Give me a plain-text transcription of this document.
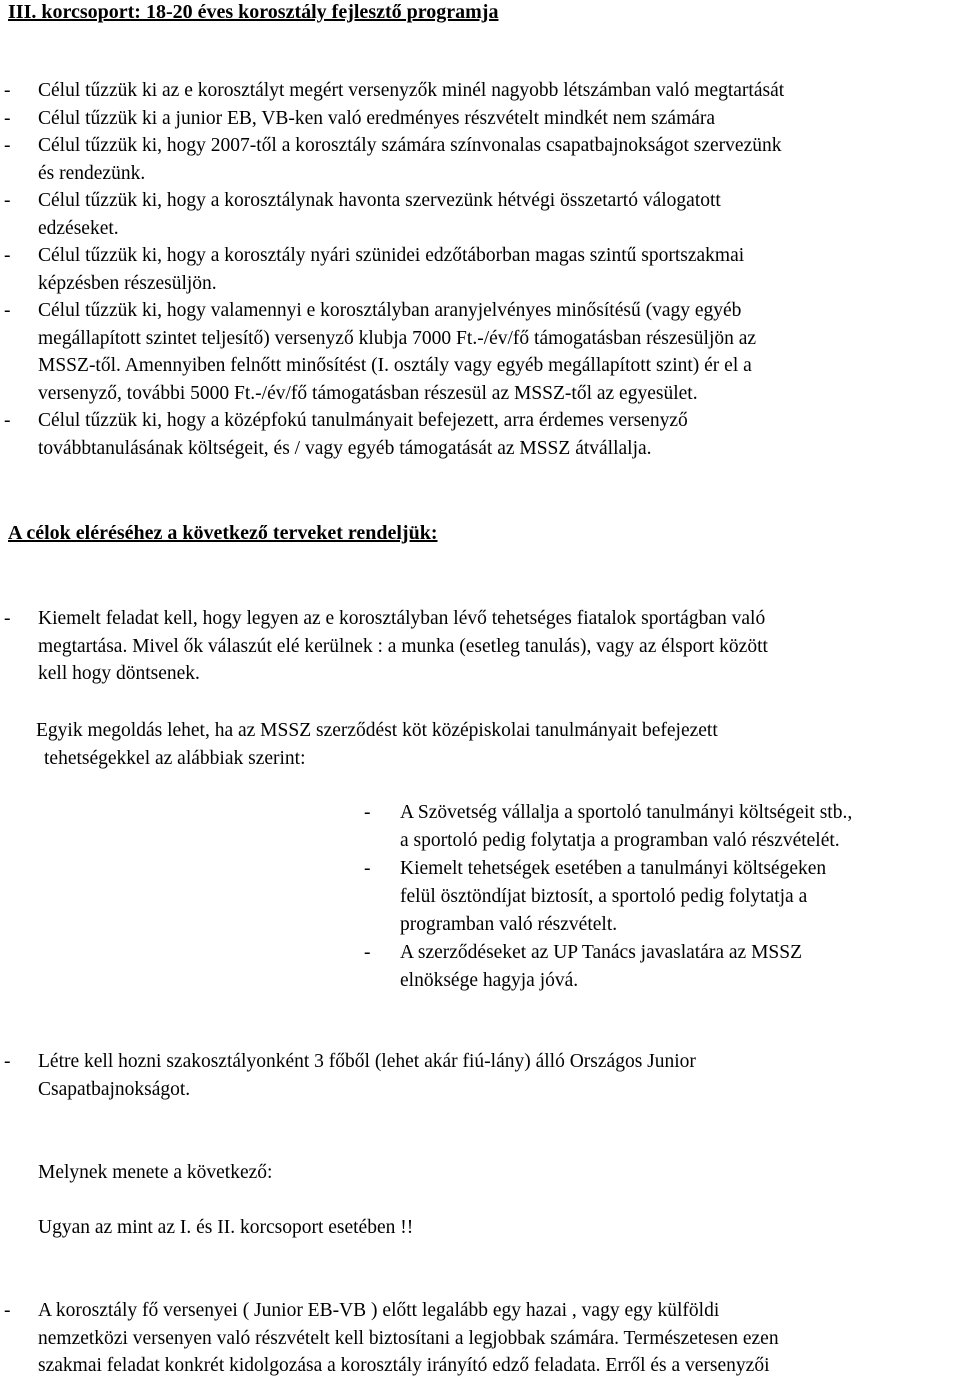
III. korcsoport: 18-20 éves korosztály fejlesztő programja
- Célul tűzzük ki az e korosztályt megért versenyzők minél nagyobb létszámban való megtartását
- Célul tűzzük ki a junior EB, VB-ken való eredményes részvételt mindkét nem számára
- Célul tűzzük ki, hogy 2007-től a korosztály számára színvonalas csapatbajnokságot szervezünk
és rendezünk.
- Célul tűzzük ki, hogy a korosztálynak havonta szervezünk hétvégi összetartó válogatott
edzéseket.
- Célul tűzzük ki, hogy a korosztály nyári szünidei edzőtáborban magas szintű sportszakmai
képzésben részesüljön.
- Célul tűzzük ki, hogy valamennyi e korosztályban aranyjelvényes minősítésű (vagy egyéb
megállapított szintet teljesítő) versenyző klubja 7000 Ft.-/év/fő támogatásban részesüljön az
MSSZ-től. Amennyiben felnőtt minősítést (I. osztály vagy egyéb megállapított szint) ér el a
versenyző, további 5000 Ft.-/év/fő támogatásban részesül az MSSZ-től az egyesület.
- Célul tűzzük ki, hogy a középfokú tanulmányait befejezett, arra érdemes versenyző
továbbtanulásának költségeit, és / vagy egyéb támogatását az MSSZ átvállalja.
A célok eléréséhez a következő terveket rendeljük:
- Kiemelt feladat kell, hogy legyen az e korosztályban lévő tehetséges fiatalok sportágban való
megtartása. Mivel ők válaszút elé kerülnek : a munka (esetleg tanulás), vagy az élsport között
kell hogy döntsenek.
Egyik megoldás lehet, ha az MSSZ szerződést köt középiskolai tanulmányait befejezett
tehetségekkel az alábbiak szerint:
- A Szövetség vállalja a sportoló tanulmányi költségeit stb.,
a sportoló pedig folytatja a programban való részvételét.
- Kiemelt tehetségek esetében a tanulmányi költségeken
felül ösztöndíjat biztosít, a sportoló pedig folytatja a
programban való részvételt.
- A szerződéseket az UP Tanács javaslatára az MSSZ
elnöksége hagyja jóvá.
- Létre kell hozni szakosztályonként 3 főből (lehet akár fiú-lány) álló Országos Junior
Csapatbajnokságot.
Melynek menete a következő:
Ugyan az mint az I. és II. korcsoport esetében !!
- A korosztály fő versenyei ( Junior EB-VB ) előtt legalább egy hazai , vagy egy külföldi
nemzetközi versenyen való részvételt kell biztosítani a legjobbak számára. Természetesen ezen
szakmai feladat konkrét kidolgozása a korosztály irányító edző feladata. Erről és a versenyzői
